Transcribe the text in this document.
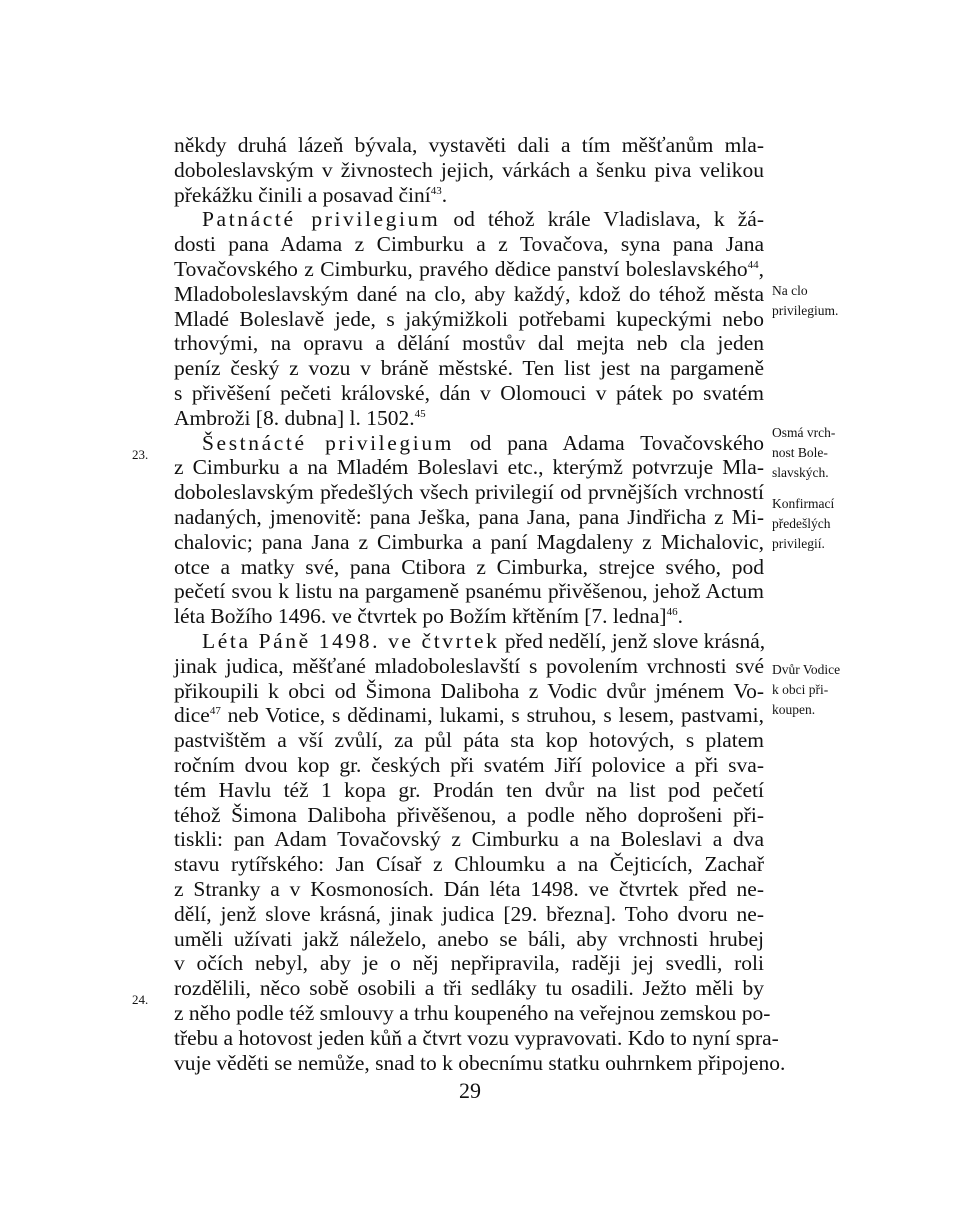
někdy druhá lázeň bývala, vystavěti dali a tím měšťanům mla-

doboleslavským v živnostech jejich, várkách a šenku piva velikou

překážku činili a posavad činí$^{43}$.

Patnácté privilegium od téhož krále Vladislava, k žá-

dosti pana Adama z Cimburku a z Tovačova, syna pana Jana

Tovačovského z Cimburku, pravého dědice panství boleslavského$^{44}$,

Mladoboleslavským dané na clo, aby každý, kdož do téhož města

Mladé Boleslavě jede, s jakýmižkoli potřebami kupeckými nebo

trhovými, na opravu a dělání mostův dal mejta neb cla jeden

peníz český z vozu v bráně městské. Ten list jest na pargameně

s přivěšení pečeti královské, dán v Olomouci v pátek po svatém

Ambroži [8. dubna] l. 1502.45

Šestnácté privilegium od pana Adama Tovačovského

z Cimburku a na Mladém Boleslavi etc., kterýmž potvrzuje Mla-

doboleslavským předešlých všech privilegií od prvnějších vrchností

nadaných, jmenovitě: pana Ješka, pana Jana, pana Jindřicha z Mi-

chalovic; pana Jana z Cimburka a paní Magdaleny z Michalovic,

otce a matky své, pana Ctibora z Cimburka, strejce svého, pod

pečetí svou k listu na pargameně psanému přivěšenou, jehož Actum

léta Božího 1496. ve čtvrtek po Božím křtěním [7. ledna]$^{46}$.

Léta Páně 1498. ve čtvrtek před nedělí, jenž slove krásná,

jinak judica, měšťané mladoboleslavští s povolením vrchnosti své

přikoupili k obci od Šimona Daliboha z Vodic dvůr jménem Vo-

dice$^{47}$ neb Votice, s dědinami, lukami, s struhou, s lesem, pastvami,

pastvištěm a vší zvůlí, za půl páta sta kop hotových, s platem

ročním dvou kop gr. českých při svatém Jiří polovice a při sva-

tém Havlu též 1 kopa gr. Prodán ten dvůr na list pod pečetí

téhož Šimona Daliboha přivěšenou, a podle něho doprošeni při-

tiskli: pan Adam Tovačovský z Cimburku a na Boleslavi a dva

stavu rytířského: Jan Císař z Chloumku a na Čejticích, Zachař

z Stranky a v Kosmonosích. Dán léta 1498. ve čtvrtek před ne-

dělí, jenž slove krásná, jinak judica [29. března]. Toho dvoru ne-

uměli užívati jakž náleželo, anebo se báli, aby vrchnosti hrubej

v očích nebyl, aby je o něj nepřipravila, raději jej svedli, roli

rozdělili, něco sobě osobili a tři sedláky tu osadili. Ježto měli by

z něho podle též smlouvy a trhu koupeného na veřejnou zemskou po-

třebu a hotovost jeden kůň a čtvrt vozu vypravovati. Kdo to nyní spra-

vuje věděti se nemůže, snad to k obecnímu statku ouhrnkem připojeno.

Na clo
privilegium.
Osmá vrch-
nost Bole-
slavských.
Konfirmací
předešlých
privilegií.
Dvůr Vodice
k obci při-
koupen.
23.
24.
29
